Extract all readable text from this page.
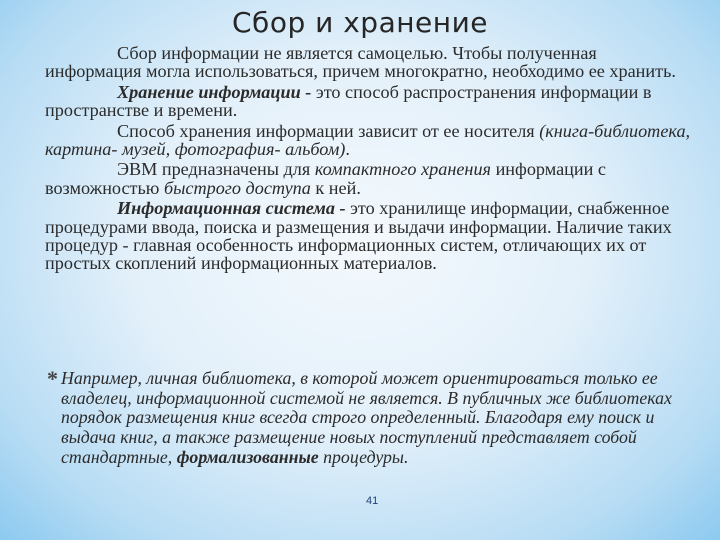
Сбор и хранение

Сбор информации не является самоцелью. Чтобы полученная информация могла использоваться, причем многократно, необходимо ее хранить.

Хранение информации - это способ распространения информации в пространстве и времени.

Способ хранения информации зависит от ее носителя (книга-библиотека, картина- музей, фотография- альбом).

ЭВМ предназначены для компактного хранения информации с возможностью быстрого доступа к ней.

Информационная система - это хранилище информации, снабженное процедурами ввода, поиска и размещения и выдачи информации. Наличие таких процедур - главная особенность информационных систем, отличающих их от простых скоплений информационных материалов.

* Например, личная библиотека, в которой может ориентироваться только ее владелец, информационной системой не является. В публичных же библиотеках порядок размещения книг всегда строго определенный. Благодаря ему поиск и выдача книг, а также размещение новых поступлений представляет собой стандартные, формализованные процедуры.

41
